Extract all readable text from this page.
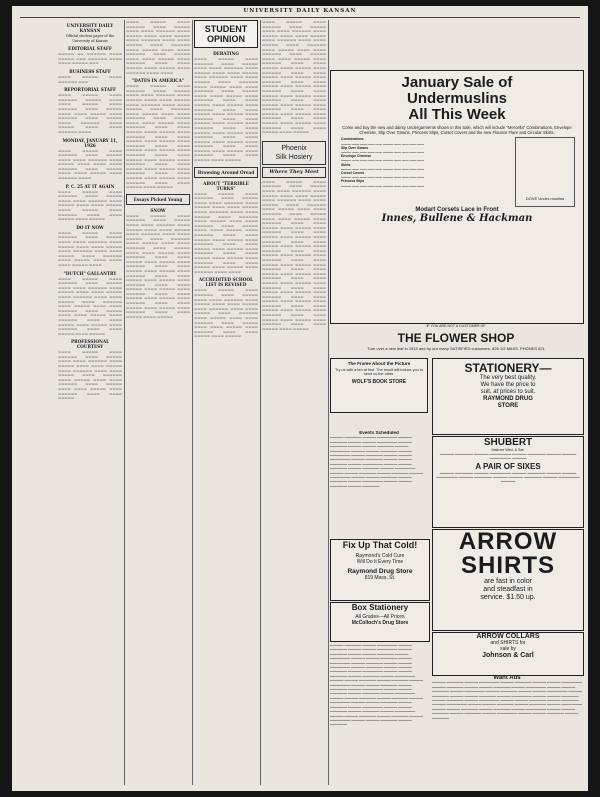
UNIVERSITY DAILY KANSAN
UNIVERSITY DAILY KANSAN
Official student paper of the University of Kansas
EDITORIAL STAFF
▬▬▬▬▬ ▬▬ ▬▬▬▬▬▬ ▬▬▬▬ ▬▬▬▬▬ ▬▬▬ ▬▬▬▬▬▬ ▬▬▬▬ ▬▬▬▬ ▬▬▬▬▬ ▬▬▬
BUSINESS STAFF
▬▬▬▬ ▬▬▬▬▬ ▬▬▬▬ ▬▬▬▬▬▬ ▬▬▬
REPORTORIAL STAFF
▬▬▬▬ ▬▬▬▬▬ ▬▬▬▬ ▬▬▬▬▬▬ ▬▬▬▬▬ ▬▬▬▬ ▬▬▬▬ ▬▬▬▬▬ ▬▬▬▬ ▬▬▬▬▬▬ ▬▬▬▬ ▬▬▬▬▬ ▬▬▬▬ ▬▬▬▬ ▬▬▬▬▬ ▬▬▬▬ ▬▬▬▬▬▬ ▬▬▬▬ ▬▬▬▬▬ ▬▬▬▬ ▬▬▬▬▬▬ ▬▬▬▬ ▬▬▬▬▬ ▬▬▬▬ ▬▬▬▬ ▬▬▬▬▬▬ ▬▬▬▬
MONDAY, JANUARY 11, 1926
▬▬▬▬ ▬▬▬▬▬ ▬▬▬▬ ▬▬▬▬▬▬ ▬▬▬▬ ▬▬▬▬▬ ▬▬▬▬ ▬▬▬▬ ▬▬▬▬▬▬ ▬▬▬▬ ▬▬▬▬▬ ▬▬▬▬ ▬▬▬▬ ▬▬▬▬ ▬▬▬▬▬▬ ▬▬▬▬ ▬▬▬▬▬ ▬▬▬▬ ▬▬▬▬ ▬▬▬▬▬ ▬▬▬▬ ▬▬▬▬▬▬ ▬▬▬▬
P. C. 25 AT IT AGAIN
▬▬▬▬ ▬▬▬▬▬ ▬▬▬▬ ▬▬▬▬▬▬ ▬▬▬▬ ▬▬▬▬▬ ▬▬▬▬ ▬▬▬▬ ▬▬▬▬▬▬ ▬▬▬▬ ▬▬▬▬▬ ▬▬▬▬ ▬▬▬▬ ▬▬▬▬▬ ▬▬▬▬ ▬▬▬▬▬ ▬▬▬▬ ▬▬▬▬▬▬ ▬▬▬▬ ▬▬▬▬ ▬▬▬▬▬ ▬▬▬▬ ▬▬▬▬▬
DO IT NOW
▬▬▬▬ ▬▬▬▬▬ ▬▬▬▬ ▬▬▬▬▬▬ ▬▬▬▬ ▬▬▬▬▬ ▬▬▬▬ ▬▬▬▬ ▬▬▬▬▬▬ ▬▬▬▬ ▬▬▬▬▬ ▬▬▬▬ ▬▬▬▬ ▬▬▬▬▬ ▬▬▬▬ ▬▬▬▬▬▬ ▬▬▬▬ ▬▬▬▬ ▬▬▬▬▬ ▬▬▬▬ ▬▬▬▬▬▬ ▬▬▬▬ ▬▬▬▬▬ ▬▬▬▬ ▬▬▬▬ ▬▬▬▬ ▬▬▬▬▬ ▬▬▬▬
"DUTCH" GALLANTRY
▬▬▬▬ ▬▬▬▬▬ ▬▬▬▬ ▬▬▬▬▬▬ ▬▬▬▬ ▬▬▬▬▬ ▬▬▬▬ ▬▬▬▬ ▬▬▬▬▬▬ ▬▬▬▬ ▬▬▬▬▬ ▬▬▬▬ ▬▬▬▬ ▬▬▬▬▬ ▬▬▬▬ ▬▬▬▬▬▬ ▬▬▬▬ ▬▬▬▬ ▬▬▬▬▬ ▬▬▬▬ ▬▬▬▬▬▬ ▬▬▬▬ ▬▬▬▬▬ ▬▬▬▬ ▬▬▬▬ ▬▬▬▬▬▬ ▬▬▬▬ ▬▬▬▬▬ ▬▬▬▬ ▬▬▬▬ ▬▬▬▬▬ ▬▬▬▬ ▬▬▬▬▬▬ ▬▬▬▬ ▬▬▬▬ ▬▬▬▬▬ ▬▬▬▬ ▬▬▬▬▬ ▬▬▬▬ ▬▬▬▬▬▬ ▬▬▬▬ ▬▬▬▬ ▬▬▬▬▬ ▬▬▬▬ ▬▬▬▬▬
PROFESSIONAL COURTESY
▬▬▬▬ ▬▬▬▬▬ ▬▬▬▬ ▬▬▬▬▬▬ ▬▬▬▬ ▬▬▬▬▬ ▬▬▬▬ ▬▬▬▬ ▬▬▬▬▬▬ ▬▬▬▬ ▬▬▬▬▬ ▬▬▬▬ ▬▬▬▬ ▬▬▬▬▬ ▬▬▬▬ ▬▬▬▬▬▬ ▬▬▬▬ ▬▬▬▬ ▬▬▬▬▬ ▬▬▬▬ ▬▬▬▬▬▬ ▬▬▬▬ ▬▬▬▬▬ ▬▬▬▬ ▬▬▬▬ ▬▬▬▬▬▬ ▬▬▬▬ ▬▬▬▬▬ ▬▬▬▬ ▬▬▬▬ ▬▬▬▬▬ ▬▬▬▬ ▬▬▬▬▬▬ ▬▬▬▬ ▬▬▬▬ ▬▬▬▬▬
▬▬▬▬ ▬▬▬▬▬ ▬▬▬▬ ▬▬▬▬▬▬ ▬▬▬▬ ▬▬▬▬▬ ▬▬▬▬ ▬▬▬▬ ▬▬▬▬▬▬ ▬▬▬▬ ▬▬▬▬▬ ▬▬▬▬ ▬▬▬▬ ▬▬▬▬▬ ▬▬▬▬ ▬▬▬▬▬▬ ▬▬▬▬ ▬▬▬▬ ▬▬▬▬▬ ▬▬▬▬ ▬▬▬▬▬▬ ▬▬▬▬ ▬▬▬▬▬ ▬▬▬▬ ▬▬▬▬ ▬▬▬▬▬▬ ▬▬▬▬ ▬▬▬▬▬ ▬▬▬▬ ▬▬▬▬ ▬▬▬▬▬ ▬▬▬▬ ▬▬▬▬▬▬ ▬▬▬▬ ▬▬▬▬ ▬▬▬▬▬ ▬▬▬▬ ▬▬▬▬▬ ▬▬▬▬ ▬▬▬▬▬▬ ▬▬▬▬ ▬▬▬▬
"DATES IN AMERICA"
▬▬▬▬ ▬▬▬▬▬ ▬▬▬▬ ▬▬▬▬▬▬ ▬▬▬▬ ▬▬▬▬▬ ▬▬▬▬ ▬▬▬▬ ▬▬▬▬▬▬ ▬▬▬▬ ▬▬▬▬▬ ▬▬▬▬ ▬▬▬▬ ▬▬▬▬▬ ▬▬▬▬ ▬▬▬▬▬▬ ▬▬▬▬ ▬▬▬▬ ▬▬▬▬▬ ▬▬▬▬ ▬▬▬▬▬▬ ▬▬▬▬ ▬▬▬▬▬ ▬▬▬▬ ▬▬▬▬ ▬▬▬▬▬▬ ▬▬▬▬ ▬▬▬▬▬ ▬▬▬▬ ▬▬▬▬ ▬▬▬▬▬ ▬▬▬▬ ▬▬▬▬▬▬ ▬▬▬▬ ▬▬▬▬ ▬▬▬▬▬ ▬▬▬▬ ▬▬▬▬▬ ▬▬▬▬ ▬▬▬▬▬▬ ▬▬▬▬ ▬▬▬▬ ▬▬▬▬▬ ▬▬▬▬ ▬▬▬▬▬ ▬▬▬▬ ▬▬▬▬▬▬ ▬▬▬▬ ▬▬▬▬ ▬▬▬▬▬ ▬▬▬▬ ▬▬▬▬▬ ▬▬▬▬ ▬▬▬▬▬▬ ▬▬▬▬ ▬▬▬▬ ▬▬▬▬▬ ▬▬▬▬ ▬▬▬▬▬ ▬▬▬▬ ▬▬▬▬▬▬ ▬▬▬▬ ▬▬▬▬ ▬▬▬▬▬ ▬▬▬▬ ▬▬▬▬▬ ▬▬▬▬ ▬▬▬▬▬▬ ▬▬▬▬ ▬▬▬▬ ▬▬▬▬▬ ▬▬▬▬ ▬▬▬▬▬ ▬▬▬▬ ▬▬▬▬▬▬ ▬▬▬▬ ▬▬▬▬ ▬▬▬▬▬ ▬▬▬▬ ▬▬▬▬▬
Essays Picked Young
SNOW
▬▬▬▬ ▬▬▬▬▬ ▬▬▬▬ ▬▬▬▬▬▬ ▬▬▬▬ ▬▬▬▬▬ ▬▬▬▬ ▬▬▬▬ ▬▬▬▬▬▬ ▬▬▬▬ ▬▬▬▬▬ ▬▬▬▬ ▬▬▬▬ ▬▬▬▬▬ ▬▬▬▬ ▬▬▬▬▬▬ ▬▬▬▬ ▬▬▬▬ ▬▬▬▬▬ ▬▬▬▬ ▬▬▬▬▬▬ ▬▬▬▬ ▬▬▬▬▬ ▬▬▬▬ ▬▬▬▬ ▬▬▬▬▬▬ ▬▬▬▬ ▬▬▬▬▬ ▬▬▬▬ ▬▬▬▬ ▬▬▬▬▬ ▬▬▬▬ ▬▬▬▬▬▬ ▬▬▬▬ ▬▬▬▬ ▬▬▬▬▬ ▬▬▬▬ ▬▬▬▬▬ ▬▬▬▬ ▬▬▬▬▬▬ ▬▬▬▬ ▬▬▬▬ ▬▬▬▬▬ ▬▬▬▬ ▬▬▬▬▬ ▬▬▬▬ ▬▬▬▬▬▬ ▬▬▬▬ ▬▬▬▬ ▬▬▬▬▬ ▬▬▬▬ ▬▬▬▬▬ ▬▬▬▬ ▬▬▬▬▬▬ ▬▬▬▬ ▬▬▬▬ ▬▬▬▬▬ ▬▬▬▬ ▬▬▬▬▬ ▬▬▬▬ ▬▬▬▬▬▬ ▬▬▬▬ ▬▬▬▬ ▬▬▬▬▬ ▬▬▬▬ ▬▬▬▬▬ ▬▬▬▬ ▬▬▬▬▬▬ ▬▬▬▬ ▬▬▬▬ ▬▬▬▬▬ ▬▬▬▬ ▬▬▬▬▬ ▬▬▬▬ ▬▬▬▬▬▬ ▬▬▬▬ ▬▬▬▬ ▬▬▬▬▬ ▬▬▬▬ ▬▬▬▬▬
STUDENT
OPINION
DEBATING
▬▬▬▬ ▬▬▬▬▬ ▬▬▬▬ ▬▬▬▬▬▬ ▬▬▬▬ ▬▬▬▬▬ ▬▬▬▬ ▬▬▬▬ ▬▬▬▬▬▬ ▬▬▬▬ ▬▬▬▬▬ ▬▬▬▬ ▬▬▬▬ ▬▬▬▬▬ ▬▬▬▬ ▬▬▬▬▬▬ ▬▬▬▬ ▬▬▬▬ ▬▬▬▬▬ ▬▬▬▬ ▬▬▬▬▬▬ ▬▬▬▬ ▬▬▬▬▬ ▬▬▬▬ ▬▬▬▬ ▬▬▬▬▬▬ ▬▬▬▬ ▬▬▬▬▬ ▬▬▬▬ ▬▬▬▬ ▬▬▬▬▬ ▬▬▬▬ ▬▬▬▬▬▬ ▬▬▬▬ ▬▬▬▬ ▬▬▬▬▬ ▬▬▬▬ ▬▬▬▬▬ ▬▬▬▬ ▬▬▬▬▬▬ ▬▬▬▬ ▬▬▬▬ ▬▬▬▬▬ ▬▬▬▬ ▬▬▬▬▬ ▬▬▬▬ ▬▬▬▬▬▬ ▬▬▬▬ ▬▬▬▬ ▬▬▬▬▬ ▬▬▬▬ ▬▬▬▬▬ ▬▬▬▬ ▬▬▬▬▬▬ ▬▬▬▬ ▬▬▬▬ ▬▬▬▬▬ ▬▬▬▬ ▬▬▬▬▬ ▬▬▬▬ ▬▬▬▬▬▬ ▬▬▬▬ ▬▬▬▬ ▬▬▬▬▬ ▬▬▬▬ ▬▬▬▬▬ ▬▬▬▬ ▬▬▬▬▬▬ ▬▬▬▬ ▬▬▬▬ ▬▬▬▬▬ ▬▬▬▬ ▬▬▬▬▬ ▬▬▬▬ ▬▬▬▬▬▬ ▬▬▬▬ ▬▬▬▬ ▬▬▬▬▬ ▬▬▬▬ ▬▬▬▬▬
Browsing Around Oread
ABOUT "TERRIBLE TURKS"
▬▬▬▬ ▬▬▬▬▬ ▬▬▬▬ ▬▬▬▬▬▬ ▬▬▬▬ ▬▬▬▬▬ ▬▬▬▬ ▬▬▬▬ ▬▬▬▬▬▬ ▬▬▬▬ ▬▬▬▬▬ ▬▬▬▬ ▬▬▬▬ ▬▬▬▬▬ ▬▬▬▬ ▬▬▬▬▬▬ ▬▬▬▬ ▬▬▬▬ ▬▬▬▬▬ ▬▬▬▬ ▬▬▬▬▬▬ ▬▬▬▬ ▬▬▬▬▬ ▬▬▬▬ ▬▬▬▬ ▬▬▬▬▬▬ ▬▬▬▬ ▬▬▬▬▬ ▬▬▬▬ ▬▬▬▬ ▬▬▬▬▬ ▬▬▬▬ ▬▬▬▬▬▬ ▬▬▬▬ ▬▬▬▬ ▬▬▬▬▬ ▬▬▬▬ ▬▬▬▬▬ ▬▬▬▬ ▬▬▬▬▬▬ ▬▬▬▬ ▬▬▬▬ ▬▬▬▬▬ ▬▬▬▬ ▬▬▬▬▬ ▬▬▬▬ ▬▬▬▬▬▬ ▬▬▬▬ ▬▬▬▬ ▬▬▬▬▬ ▬▬▬▬ ▬▬▬▬▬ ▬▬▬▬ ▬▬▬▬▬▬ ▬▬▬▬ ▬▬▬▬ ▬▬▬▬▬ ▬▬▬▬ ▬▬▬▬▬ ▬▬▬▬ ▬▬▬▬▬▬ ▬▬▬▬ ▬▬▬▬
ACCREDITED SCHOOL LIST IS REVISED
▬▬▬▬ ▬▬▬▬▬ ▬▬▬▬ ▬▬▬▬▬▬ ▬▬▬▬ ▬▬▬▬▬ ▬▬▬▬ ▬▬▬▬ ▬▬▬▬▬▬ ▬▬▬▬ ▬▬▬▬▬ ▬▬▬▬ ▬▬▬▬ ▬▬▬▬▬ ▬▬▬▬ ▬▬▬▬▬▬ ▬▬▬▬ ▬▬▬▬ ▬▬▬▬▬ ▬▬▬▬ ▬▬▬▬▬▬ ▬▬▬▬ ▬▬▬▬▬ ▬▬▬▬ ▬▬▬▬ ▬▬▬▬▬▬ ▬▬▬▬ ▬▬▬▬▬ ▬▬▬▬ ▬▬▬▬ ▬▬▬▬▬ ▬▬▬▬ ▬▬▬▬▬▬ ▬▬▬▬ ▬▬▬▬ ▬▬▬▬▬ ▬▬▬▬ ▬▬▬▬▬
▬▬▬▬ ▬▬▬▬▬ ▬▬▬▬ ▬▬▬▬▬▬ ▬▬▬▬ ▬▬▬▬▬ ▬▬▬▬ ▬▬▬▬ ▬▬▬▬▬▬ ▬▬▬▬ ▬▬▬▬▬ ▬▬▬▬ ▬▬▬▬ ▬▬▬▬▬ ▬▬▬▬ ▬▬▬▬▬▬ ▬▬▬▬ ▬▬▬▬ ▬▬▬▬▬ ▬▬▬▬ ▬▬▬▬▬▬ ▬▬▬▬ ▬▬▬▬▬ ▬▬▬▬ ▬▬▬▬ ▬▬▬▬▬▬ ▬▬▬▬ ▬▬▬▬▬ ▬▬▬▬ ▬▬▬▬ ▬▬▬▬▬ ▬▬▬▬ ▬▬▬▬▬▬ ▬▬▬▬ ▬▬▬▬ ▬▬▬▬▬ ▬▬▬▬ ▬▬▬▬▬ ▬▬▬▬ ▬▬▬▬▬▬ ▬▬▬▬ ▬▬▬▬ ▬▬▬▬▬ ▬▬▬▬ ▬▬▬▬▬ ▬▬▬▬ ▬▬▬▬▬▬ ▬▬▬▬ ▬▬▬▬ ▬▬▬▬▬ ▬▬▬▬ ▬▬▬▬▬ ▬▬▬▬ ▬▬▬▬▬▬ ▬▬▬▬ ▬▬▬▬ ▬▬▬▬▬ ▬▬▬▬ ▬▬▬▬▬ ▬▬▬▬ ▬▬▬▬▬▬ ▬▬▬▬ ▬▬▬▬ ▬▬▬▬▬ ▬▬▬▬ ▬▬▬▬▬ ▬▬▬▬ ▬▬▬▬▬▬ ▬▬▬▬ ▬▬▬▬ ▬▬▬▬▬ ▬▬▬▬ ▬▬▬▬▬ ▬▬▬▬ ▬▬▬▬▬▬ ▬▬▬▬ ▬▬▬▬ ▬▬▬▬▬ ▬▬▬▬ ▬▬▬▬▬ ▬▬▬▬ ▬▬▬▬▬▬ ▬▬▬▬ ▬▬▬▬ ▬▬▬▬▬ ▬▬▬▬ ▬▬▬▬▬
Phoenix
Silk Hosiery
Where They Meet
▬▬▬▬ ▬▬▬▬▬ ▬▬▬▬ ▬▬▬▬▬▬ ▬▬▬▬ ▬▬▬▬▬ ▬▬▬▬ ▬▬▬▬ ▬▬▬▬▬▬ ▬▬▬▬ ▬▬▬▬▬ ▬▬▬▬ ▬▬▬▬ ▬▬▬▬▬ ▬▬▬▬ ▬▬▬▬▬▬ ▬▬▬▬ ▬▬▬▬ ▬▬▬▬▬ ▬▬▬▬ ▬▬▬▬▬▬ ▬▬▬▬ ▬▬▬▬▬ ▬▬▬▬ ▬▬▬▬ ▬▬▬▬▬▬ ▬▬▬▬ ▬▬▬▬▬ ▬▬▬▬ ▬▬▬▬ ▬▬▬▬▬ ▬▬▬▬ ▬▬▬▬▬▬ ▬▬▬▬ ▬▬▬▬ ▬▬▬▬▬ ▬▬▬▬ ▬▬▬▬▬ ▬▬▬▬ ▬▬▬▬▬▬ ▬▬▬▬ ▬▬▬▬ ▬▬▬▬▬ ▬▬▬▬ ▬▬▬▬▬ ▬▬▬▬ ▬▬▬▬▬▬ ▬▬▬▬ ▬▬▬▬ ▬▬▬▬▬ ▬▬▬▬ ▬▬▬▬▬ ▬▬▬▬ ▬▬▬▬▬▬ ▬▬▬▬ ▬▬▬▬ ▬▬▬▬▬ ▬▬▬▬ ▬▬▬▬▬ ▬▬▬▬ ▬▬▬▬▬▬ ▬▬▬▬ ▬▬▬▬ ▬▬▬▬▬ ▬▬▬▬ ▬▬▬▬▬ ▬▬▬▬ ▬▬▬▬▬▬ ▬▬▬▬ ▬▬▬▬ ▬▬▬▬▬ ▬▬▬▬ ▬▬▬▬▬ ▬▬▬▬ ▬▬▬▬▬▬ ▬▬▬▬ ▬▬▬▬ ▬▬▬▬▬ ▬▬▬▬ ▬▬▬▬▬ ▬▬▬▬ ▬▬▬▬▬▬ ▬▬▬▬ ▬▬▬▬ ▬▬▬▬▬ ▬▬▬▬ ▬▬▬▬▬ ▬▬▬▬ ▬▬▬▬▬▬ ▬▬▬▬ ▬▬▬▬ ▬▬▬▬▬ ▬▬▬▬ ▬▬▬▬▬ ▬▬▬▬ ▬▬▬▬▬▬ ▬▬▬▬ ▬▬▬▬ ▬▬▬▬▬ ▬▬▬▬ ▬▬▬▬▬ ▬▬▬▬ ▬▬▬▬▬▬ ▬▬▬▬ ▬▬▬▬ ▬▬▬▬▬ ▬▬▬▬ ▬▬▬▬▬ ▬▬▬▬ ▬▬▬▬▬▬ ▬▬▬▬ ▬▬▬▬ ▬▬▬▬▬ ▬▬▬▬ ▬▬▬▬▬
January Sale of
Undermuslins
All This Week
Come and buy the new and dainty Undergarments shown in this Sale, which will include "Mercella" Combinations, Envelope Chemise, Slip Over Gowns, Princess Slips, Corset Covers and the new Flounce Flare and Circular Skirts.
Combinations
▬▬▬ ▬▬ ▬▬ ▬▬ ▬▬ ▬▬▬ ▬▬ ▬▬ ▬▬ ▬▬
Slip Over Gowns
▬▬▬ ▬▬ ▬▬ ▬▬ ▬▬ ▬▬▬ ▬▬ ▬▬ ▬▬ ▬▬
Envelope Chemise
▬▬▬ ▬▬ ▬▬ ▬▬ ▬▬ ▬▬▬ ▬▬ ▬▬ ▬▬ ▬▬
Skirts
▬▬▬ ▬▬ ▬▬ ▬▬ ▬▬ ▬▬▬ ▬▬ ▬▬ ▬▬ ▬▬
Corset Covers
▬▬▬ ▬▬ ▬▬ ▬▬ ▬▬ ▬▬▬ ▬▬ ▬▬ ▬▬ ▬▬
Princess Slips
▬▬▬ ▬▬ ▬▬ ▬▬ ▬▬ ▬▬▬ ▬▬ ▬▬ ▬▬ ▬▬
DOVE Under-muslins
Modart Corsets Lace in Front
Innes, Bullene & Hackman
IF YOU ARE NOT A CUSTOMER OF
THE FLOWER SHOP
Turn over a new leaf in 1915 and try our many SATISFIED customers. 826 1/2 MASS. PHONES 621
The Frame About the Picture
Try us with a ten at first. The result will induce you to send us the other.
WOLF'S BOOK STORE
STATIONERY—
The very best quality.
We have the price to
suit, at prices to suit.
RAYMOND DRUG
STORE
Events Scheduled
▬▬▬▬ ▬▬▬▬▬ ▬▬▬▬ ▬▬▬▬▬▬ ▬▬▬▬ ▬▬▬▬▬ ▬▬▬▬ ▬▬▬▬ ▬▬▬▬▬▬ ▬▬▬▬ ▬▬▬▬▬ ▬▬▬▬ ▬▬▬▬ ▬▬▬▬▬ ▬▬▬▬ ▬▬▬▬▬▬ ▬▬▬▬ ▬▬▬▬ ▬▬▬▬▬ ▬▬▬▬ ▬▬▬▬▬▬ ▬▬▬▬ ▬▬▬▬▬ ▬▬▬▬ ▬▬▬▬ ▬▬▬▬▬▬ ▬▬▬▬ ▬▬▬▬▬ ▬▬▬▬ ▬▬▬▬ ▬▬▬▬▬ ▬▬▬▬ ▬▬▬▬▬▬ ▬▬▬▬ ▬▬▬▬ ▬▬▬▬▬ ▬▬▬▬ ▬▬▬▬▬ ▬▬▬▬ ▬▬▬▬▬▬ ▬▬▬▬ ▬▬▬▬ ▬▬▬▬▬ ▬▬▬▬ ▬▬▬▬▬ ▬▬▬▬ ▬▬▬▬▬▬ ▬▬▬▬ ▬▬▬▬ ▬▬▬▬▬ ▬▬▬▬ ▬▬▬▬▬ ▬▬▬▬ ▬▬▬▬▬▬ ▬▬▬▬ ▬▬▬▬ ▬▬▬▬▬ ▬▬▬▬ ▬▬▬▬▬
SHUBERT
Matinee Wed. & Sat.
▬▬▬▬ ▬▬▬▬▬ ▬▬▬▬ ▬▬▬▬▬▬ ▬▬▬▬ ▬▬▬▬▬ ▬▬▬▬ ▬▬▬▬ ▬▬▬▬▬▬ ▬▬▬▬
A PAIR OF SIXES
▬▬▬▬ ▬▬▬▬▬ ▬▬▬▬ ▬▬▬▬▬▬ ▬▬▬▬ ▬▬▬▬▬ ▬▬▬▬ ▬▬▬▬ ▬▬▬▬▬▬ ▬▬▬▬ ▬▬▬▬▬ ▬▬▬▬ ▬▬▬▬ ▬▬▬▬▬ ▬▬▬▬ ▬▬▬▬▬▬ ▬▬▬▬
Fix Up That Cold!
Raymond's Cold Cure
Will Do It Every Time
Raymond Drug Store
819 Mass. St.
ARROW SHIRTS
are fast in color
and steadfast in
service. $1.50 up.
Box Stationery
All Grades—All Prices
McColloch's Drug Store
ARROW COLLARS
and SHIRTS for
sale by
Johnson & Carl
▬▬▬▬ ▬▬▬▬▬ ▬▬▬▬ ▬▬▬▬▬▬ ▬▬▬▬ ▬▬▬▬▬ ▬▬▬▬ ▬▬▬▬ ▬▬▬▬▬▬ ▬▬▬▬ ▬▬▬▬▬ ▬▬▬▬ ▬▬▬▬ ▬▬▬▬▬ ▬▬▬▬ ▬▬▬▬▬▬ ▬▬▬▬ ▬▬▬▬ ▬▬▬▬▬ ▬▬▬▬ ▬▬▬▬▬▬ ▬▬▬▬ ▬▬▬▬▬ ▬▬▬▬ ▬▬▬▬ ▬▬▬▬▬▬ ▬▬▬▬ ▬▬▬▬▬ ▬▬▬▬ ▬▬▬▬ ▬▬▬▬▬ ▬▬▬▬ ▬▬▬▬▬▬ ▬▬▬▬ ▬▬▬▬ ▬▬▬▬▬ ▬▬▬▬ ▬▬▬▬▬ ▬▬▬▬ ▬▬▬▬▬▬ ▬▬▬▬ ▬▬▬▬ ▬▬▬▬▬ ▬▬▬▬ ▬▬▬▬▬ ▬▬▬▬ ▬▬▬▬▬▬ ▬▬▬▬ ▬▬▬▬ ▬▬▬▬▬ ▬▬▬▬ ▬▬▬▬▬ ▬▬▬▬ ▬▬▬▬▬▬ ▬▬▬▬ ▬▬▬▬ ▬▬▬▬▬ ▬▬▬▬ ▬▬▬▬▬ ▬▬▬▬ ▬▬▬▬▬▬ ▬▬▬▬ ▬▬▬▬ ▬▬▬▬▬ ▬▬▬▬ ▬▬▬▬▬ ▬▬▬▬ ▬▬▬▬▬▬ ▬▬▬▬ ▬▬▬▬ ▬▬▬▬▬ ▬▬▬▬ ▬▬▬▬▬ ▬▬▬▬ ▬▬▬▬▬▬ ▬▬▬▬ ▬▬▬▬ ▬▬▬▬▬ ▬▬▬▬ ▬▬▬▬▬ ▬▬▬▬ ▬▬▬▬▬▬ ▬▬▬▬ ▬▬▬▬ ▬▬▬▬▬ ▬▬▬▬ ▬▬▬▬▬ ▬▬▬▬ ▬▬▬▬▬▬ ▬▬▬▬ ▬▬▬▬ ▬▬▬▬▬ ▬▬▬▬ ▬▬▬▬▬
Want Ads
▬▬▬▬ ▬▬▬▬▬ ▬▬▬▬ ▬▬▬▬▬▬ ▬▬▬▬ ▬▬▬▬▬ ▬▬▬▬ ▬▬▬▬ ▬▬▬▬▬▬ ▬▬▬▬ ▬▬▬▬▬ ▬▬▬▬ ▬▬▬▬ ▬▬▬▬▬ ▬▬▬▬ ▬▬▬▬▬▬ ▬▬▬▬ ▬▬▬▬ ▬▬▬▬▬ ▬▬▬▬ ▬▬▬▬▬▬ ▬▬▬▬ ▬▬▬▬▬ ▬▬▬▬ ▬▬▬▬ ▬▬▬▬▬▬ ▬▬▬▬ ▬▬▬▬▬ ▬▬▬▬ ▬▬▬▬ ▬▬▬▬▬ ▬▬▬▬ ▬▬▬▬▬▬ ▬▬▬▬ ▬▬▬▬ ▬▬▬▬▬ ▬▬▬▬ ▬▬▬▬▬ ▬▬▬▬ ▬▬▬▬▬▬ ▬▬▬▬ ▬▬▬▬ ▬▬▬▬▬ ▬▬▬▬ ▬▬▬▬▬ ▬▬▬▬ ▬▬▬▬▬▬ ▬▬▬▬ ▬▬▬▬ ▬▬▬▬▬ ▬▬▬▬ ▬▬▬▬▬ ▬▬▬▬ ▬▬▬▬▬▬ ▬▬▬▬ ▬▬▬▬ ▬▬▬▬▬ ▬▬▬▬ ▬▬▬▬▬ ▬▬▬▬ ▬▬▬▬▬▬ ▬▬▬▬ ▬▬▬▬ ▬▬▬▬▬ ▬▬▬▬ ▬▬▬▬▬ ▬▬▬▬ ▬▬▬▬▬▬ ▬▬▬▬ ▬▬▬▬ ▬▬▬▬▬ ▬▬▬▬ ▬▬▬▬▬
